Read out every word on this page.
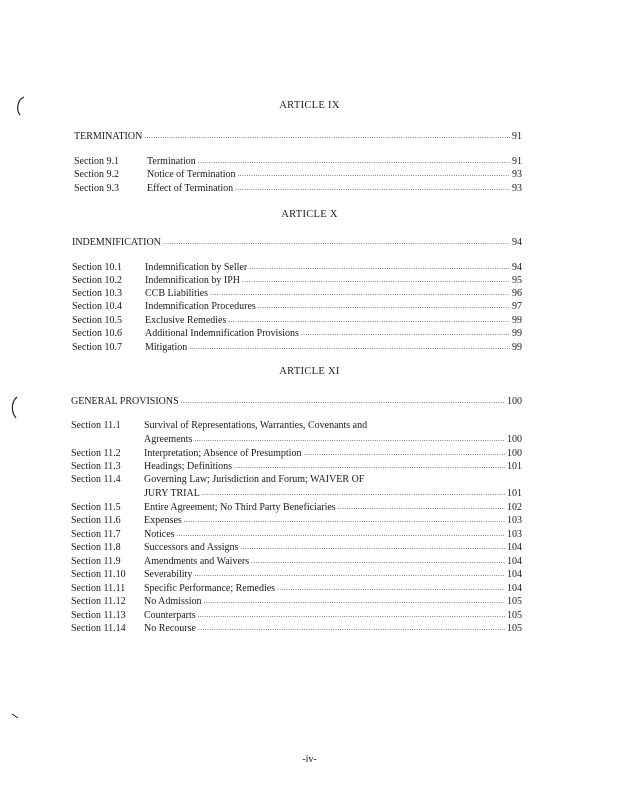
ARTICLE IX
TERMINATION .....	91
Section 9.1	Termination .....	91
Section 9.2	Notice of Termination .....	93
Section 9.3	Effect of Termination .....	93
ARTICLE X
INDEMNIFICATION .....	94
Section 10.1	Indemnification by Seller .....	94
Section 10.2	Indemnification by IPH .....	95
Section 10.3	CCB Liabilities .....	96
Section 10.4	Indemnification Procedures .....	97
Section 10.5	Exclusive Remedies .....	99
Section 10.6	Additional Indemnification Provisions .....	99
Section 10.7	Mitigation .....	99
ARTICLE XI
GENERAL PROVISIONS .....	100
Section 11.1 Survival of Representations, Warranties, Covenants and
Agreements .....	100
Section 11.2	Interpretation; Absence of Presumption .....	100
Section 11.3	Headings; Definitions .....	101
Section 11.4 Governing Law; Jurisdiction and Forum; WAIVER OF
JURY TRIAL .....	101
Section 11.5	Entire Agreement; No Third Party Beneficiaries .....	102
Section 11.6	Expenses .....	103
Section 11.7	Notices .....	103
Section 11.8	Successors and Assigns .....	104
Section 11.9	Amendments and Waivers .....	104
Section 11.10	Severability .....	104
Section 11.11	Specific Performance; Remedies .....	104
Section 11.12	No Admission .....	105
Section 11.13	Counterparts .....	105
Section 11.14	No Recourse .....	105
-iv-
